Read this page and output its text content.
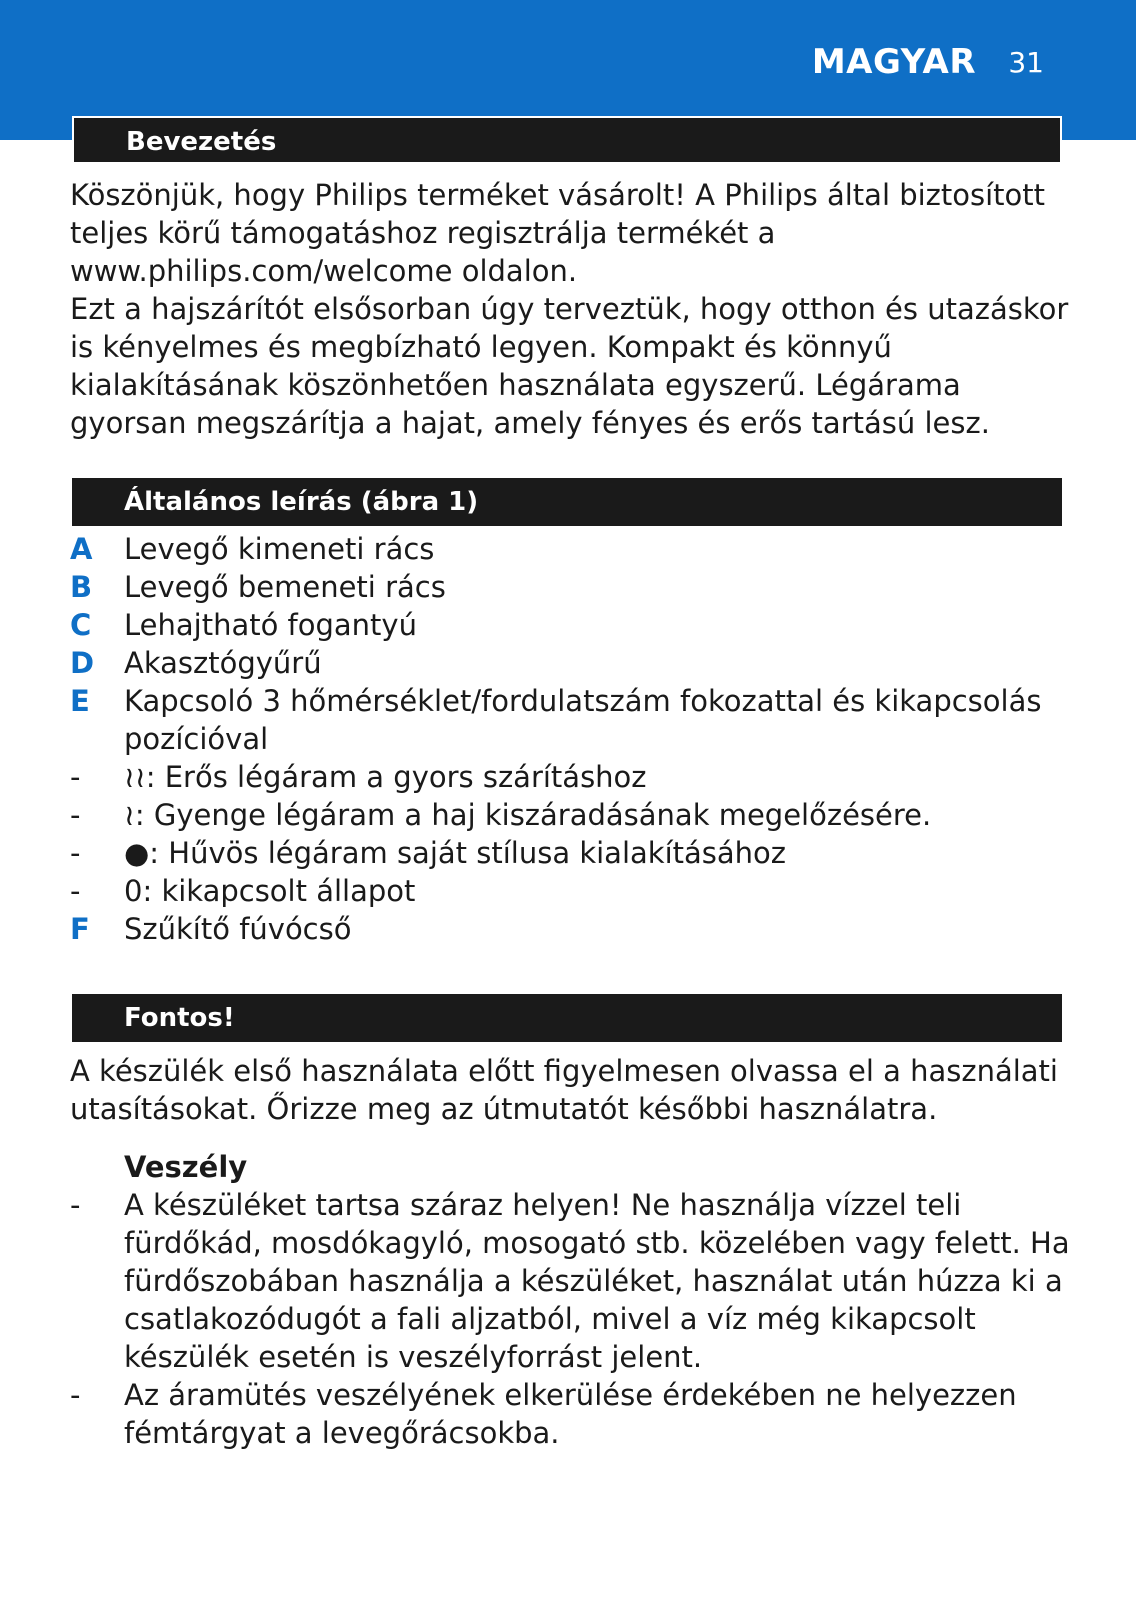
MAGYAR 31
Bevezetés

Köszönjük, hogy Philips terméket vásárolt! A Philips által biztosított teljes körű támogatáshoz regisztrálja termékét a www.philips.com/welcome oldalon.

Ezt a hajszárítót elsősorban úgy terveztük, hogy otthon és utazáskor is kényelmes és megbízható legyen. Kompakt és könnyű kialakításának köszönhetően használata egyszerű. Légárama gyorsan megszárítja a hajat, amely fényes és erős tartású lesz.

Általános leírás (ábra 1)
A	Levegő kimeneti rács
B	Levegő bemeneti rács
C	Lehajtható fogantyú
D	Akasztógyűrű
E	Kapcsoló 3 hőmérséklet/fordulatszám fokozattal és kikapcsolás pozícióval
-	≀≀: Erős légáram a gyors szárításhoz
-	≀: Gyenge légáram a haj kiszáradásának megelőzésére.
-	●: Hűvös légáram saját stílusa kialakításához
-	0: kikapcsolt állapot
F	Szűkítő fúvócső
Fontos!

A készülék első használata előtt figyelmesen olvassa el a használati utasításokat. Őrizze meg az útmutatót későbbi használatra.

Veszély

-	A készüléket tartsa száraz helyen! Ne használja vízzel teli fürdőkád, mosdókagyló, mosogató stb. közelében vagy felett. Ha fürdőszobában használja a készüléket, használat után húzza ki a csatlakozódugót a fali aljzatból, mivel a víz még kikapcsolt készülék esetén is veszélyforrást jelent.
-	Az áramütés veszélyének elkerülése érdekében ne helyezzen fémtárgyat a levegőrácsokba.
